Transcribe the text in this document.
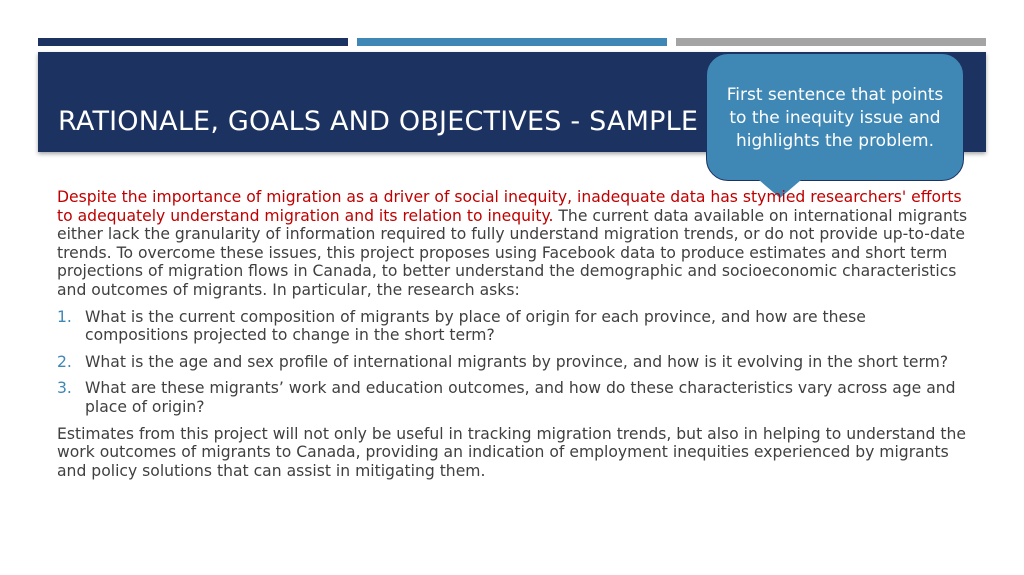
RATIONALE, GOALS AND OBJECTIVES - SAMPLE
First sentence that points to the inequity issue and highlights the problem.

Despite the importance of migration as a driver of social inequity, inadequate data has stymied researchers' efforts to adequately understand migration and its relation to inequity. The current data available on international migrants either lack the granularity of information required to fully understand migration trends, or do not provide up-to-date trends. To overcome these issues, this project proposes using Facebook data to produce estimates and short term projections of migration flows in Canada, to better understand the demographic and socioeconomic characteristics and outcomes of migrants. In particular, the research asks:

1. What is the current composition of migrants by place of origin for each province, and how are these compositions projected to change in the short term?
2. What is the age and sex profile of international migrants by province, and how is it evolving in the short term?
3. What are these migrants’ work and education outcomes, and how do these characteristics vary across age and place of origin?

Estimates from this project will not only be useful in tracking migration trends, but also in helping to understand the work outcomes of migrants to Canada, providing an indication of employment inequities experienced by migrants and policy solutions that can assist in mitigating them.
